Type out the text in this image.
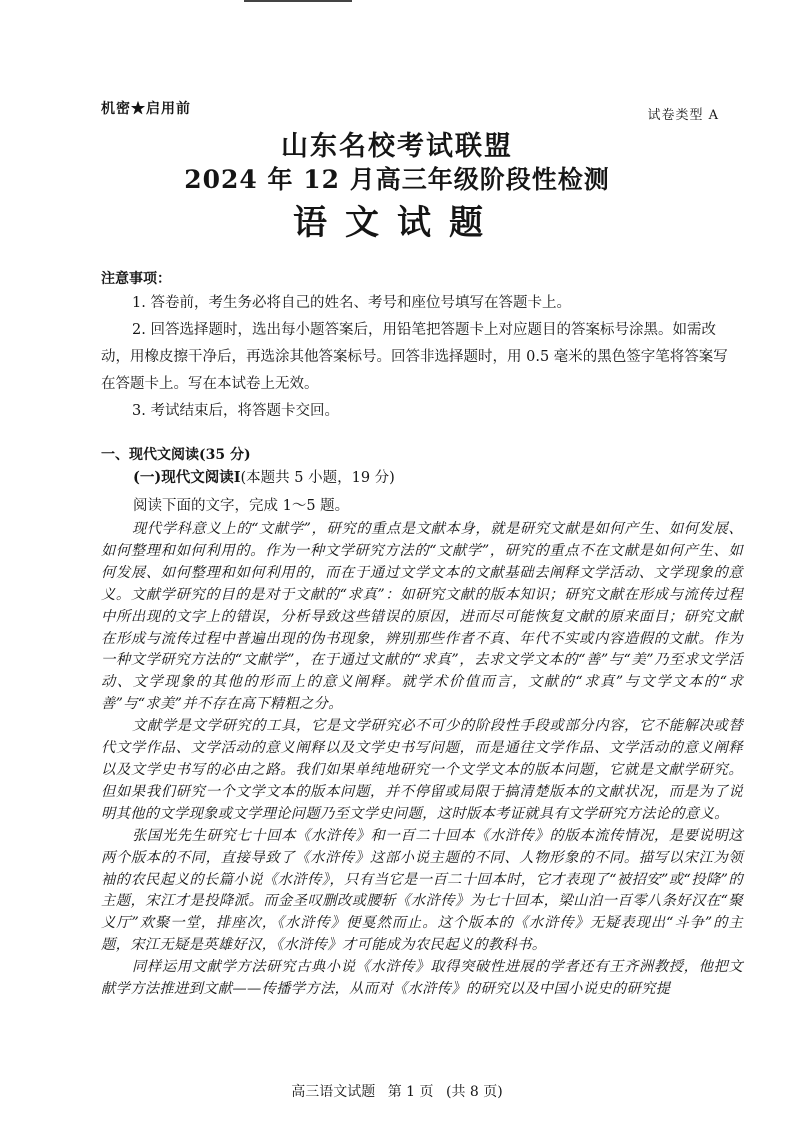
机密★启用前	试卷类型 A
山东名校考试联盟
2024 年 12 月高三年级阶段性检测
语文试题
注意事项：

1. 答卷前，考生务必将自己的姓名、考号和座位号填写在答题卡上。

2. 回答选择题时，选出每小题答案后，用铅笔把答题卡上对应题目的答案标号涂黑。如需改动，用橡皮擦干净后，再选涂其他答案标号。回答非选择题时，用 0.5 毫米的黑色签字笔将答案写在答题卡上。写在本试卷上无效。

3. 考试结束后，将答题卡交回。

一、现代文阅读(35 分)
(一)现代文阅读Ⅰ(本题共 5 小题，19 分)
阅读下面的文字，完成 1～5 题。

现代学科意义上的“文献学”，研究的重点是文献本身，就是研究文献是如何产生、如何发展、如何整理和如何利用的。作为一种文学研究方法的“文献学”，研究的重点不在文献是如何产生、如何发展、如何整理和如何利用的，而在于通过文学文本的文献基础去阐释文学活动、文学现象的意义。文献学研究的目的是对于文献的“求真”：如研究文献的版本知识；研究文献在形成与流传过程中所出现的文字上的错误，分析导致这些错误的原因，进而尽可能恢复文献的原来面目；研究文献在形成与流传过程中普遍出现的伪书现象，辨别那些作者不真、年代不实或内容造假的文献。作为一种文学研究方法的“文献学”，在于通过文献的“求真”，去求文学文本的“善”与“美”乃至求文学活动、文学现象的其他的形而上的意义阐释。就学术价值而言，文献的“求真”与文学文本的“求善”与“求美”并不存在高下精粗之分。

文献学是文学研究的工具，它是文学研究必不可少的阶段性手段或部分内容，它不能解决或替代文学作品、文学活动的意义阐释以及文学史书写问题，而是通往文学作品、文学活动的意义阐释以及文学史书写的必由之路。我们如果单纯地研究一个文学文本的版本问题，它就是文献学研究。但如果我们研究一个文学文本的版本问题，并不停留或局限于搞清楚版本的文献状况，而是为了说明其他的文学现象或文学理论问题乃至文学史问题，这时版本考证就具有文学研究方法论的意义。

张国光先生研究七十回本《水浒传》和一百二十回本《水浒传》的版本流传情况，是要说明这两个版本的不同，直接导致了《水浒传》这部小说主题的不同、人物形象的不同。描写以宋江为领袖的农民起义的长篇小说《水浒传》，只有当它是一百二十回本时，它才表现了“被招安”或“投降”的主题，宋江才是投降派。而金圣叹删改或腰斩《水浒传》为七十回本，梁山泊一百零八条好汉在“聚义厅”欢聚一堂，排座次，《水浒传》便戛然而止。这个版本的《水浒传》无疑表现出“斗争”的主题，宋江无疑是英雄好汉，《水浒传》才可能成为农民起义的教科书。

同样运用文献学方法研究古典小说《水浒传》取得突破性进展的学者还有王齐洲教授，他把文献学方法推进到文献——传播学方法，从而对《水浒传》的研究以及中国小说史的研究提

高三语文试题 第 1 页 (共 8 页)
